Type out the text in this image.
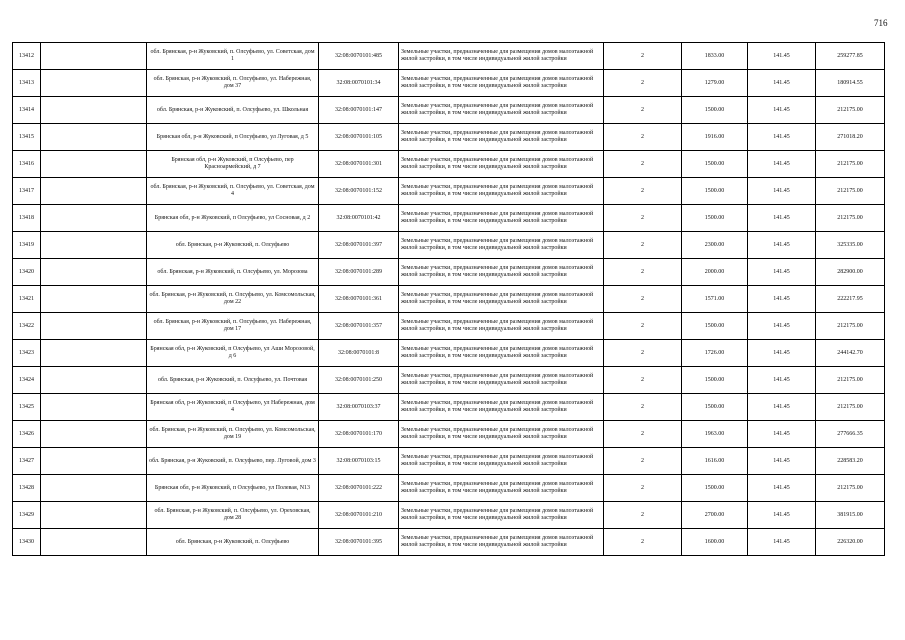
716
13412		обл. Брянская, р-н Жуковский, п. Олсуфьево, ул. Советская, дом 1	32:08:0070101:485	Земельные участки, предназначенные для размещения домов малоэтажной жилой застройки, в том числе индивидуальной жилой застройки	2	1833.00	141.45	259277.85
13413		обл. Брянская, р-н Жуковский, п. Олсуфьево, ул. Набережная, дом 37	32:08:0070101:34	Земельные участки, предназначенные для размещения домов малоэтажной жилой застройки, в том числе индивидуальной жилой застройки	2	1279.00	141.45	180914.55
13414		обл. Брянская, р-н Жуковский, п. Олсуфьево, ул. Школьная	32:08:0070101:147	Земельные участки, предназначенные для размещения домов малоэтажной жилой застройки, в том числе индивидуальной жилой застройки	2	1500.00	141.45	212175.00
13415		Брянская обл, р-н Жуковский, п Олсуфьево, ул Луговая, д 5	32:08:0070101:105	Земельные участки, предназначенные для размещения домов малоэтажной жилой застройки, в том числе индивидуальной жилой застройки	2	1916.00	141.45	271018.20
13416		Брянская обл, р-н Жуковский, п Олсуфьево, пер Красноармейский, д 7	32:08:0070101:301	Земельные участки, предназначенные для размещения домов малоэтажной жилой застройки, в том числе индивидуальной жилой застройки	2	1500.00	141.45	212175.00
13417		обл. Брянская, р-н Жуковский, п. Олсуфьево, ул. Советская, дом 4	32:08:0070101:152	Земельные участки, предназначенные для размещения домов малоэтажной жилой застройки, в том числе индивидуальной жилой застройки	2	1500.00	141.45	212175.00
13418		Брянская обл, р-н Жуковский, п Олсуфьево, ул Сосновая, д 2	32:08:0070101:42	Земельные участки, предназначенные для размещения домов малоэтажной жилой застройки, в том числе индивидуальной жилой застройки	2	1500.00	141.45	212175.00
13419		обл. Брянская, р-н Жуковский, п. Олсуфьево	32:08:0070101:397	Земельные участки, предназначенные для размещения домов малоэтажной жилой застройки, в том числе индивидуальной жилой застройки	2	2300.00	141.45	325335.00
13420		обл. Брянская, р-н Жуковский, п. Олсуфьево, ул. Морозова	32:08:0070101:289	Земельные участки, предназначенные для размещения домов малоэтажной жилой застройки, в том числе индивидуальной жилой застройки	2	2000.00	141.45	282900.00
13421		обл. Брянская, р-н Жуковский, п. Олсуфьево, ул. Комсомольская, дом 22	32:08:0070101:361	Земельные участки, предназначенные для размещения домов малоэтажной жилой застройки, в том числе индивидуальной жилой застройки	2	1571.00	141.45	222217.95
13422		обл. Брянская, р-н Жуковский, п. Олсуфьево, ул. Набережная, дом 17	32:08:0070101:357	Земельные участки, предназначенные для размещения домов малоэтажной жилой застройки, в том числе индивидуальной жилой застройки	2	1500.00	141.45	212175.00
13423		Брянская обл, р-н Жуковский, п Олсуфьево, ул Аши Морозовой, д 6	32:08:0070101:8	Земельные участки, предназначенные для размещения домов малоэтажной жилой застройки, в том числе индивидуальной жилой застройки	2	1726.00	141.45	244142.70
13424		обл. Брянская, р-н Жуковский, п. Олсуфьево, ул. Почтовая	32:08:0070101:250	Земельные участки, предназначенные для размещения домов малоэтажной жилой застройки, в том числе индивидуальной жилой застройки	2	1500.00	141.45	212175.00
13425		Брянская обл, р-н Жуковский, п Олсуфьево, ул Набережная, дом 4	32:08:0070103:37	Земельные участки, предназначенные для размещения домов малоэтажной жилой застройки, в том числе индивидуальной жилой застройки	2	1500.00	141.45	212175.00
13426		обл. Брянская, р-н Жуковский, п. Олсуфьево, ул. Комсомольская, дом 19	32:08:0070101:170	Земельные участки, предназначенные для размещения домов малоэтажной жилой застройки, в том числе индивидуальной жилой застройки	2	1963.00	141.45	277666.35
13427		обл. Брянская, р-н Жуковский, п. Олсуфьево, пер. Луговой, дом 3	32:08:0070103:15	Земельные участки, предназначенные для размещения домов малоэтажной жилой застройки, в том числе индивидуальной жилой застройки	2	1616.00	141.45	228583.20
13428		Брянская обл, р-н Жуковский, п Олсуфьево, ул Полевая, N13	32:08:0070101:222	Земельные участки, предназначенные для размещения домов малоэтажной жилой застройки, в том числе индивидуальной жилой застройки	2	1500.00	141.45	212175.00
13429		обл. Брянская, р-н Жуковский, п. Олсуфьево, ул. Ореховская, дом 28	32:08:0070101:210	Земельные участки, предназначенные для размещения домов малоэтажной жилой застройки, в том числе индивидуальной жилой застройки	2	2700.00	141.45	381915.00
13430		обл. Брянская, р-н Жуковский, п. Олсуфьево	32:08:0070101:395	Земельные участки, предназначенные для размещения домов малоэтажной жилой застройки, в том числе индивидуальной жилой застройки	2	1600.00	141.45	226320.00
